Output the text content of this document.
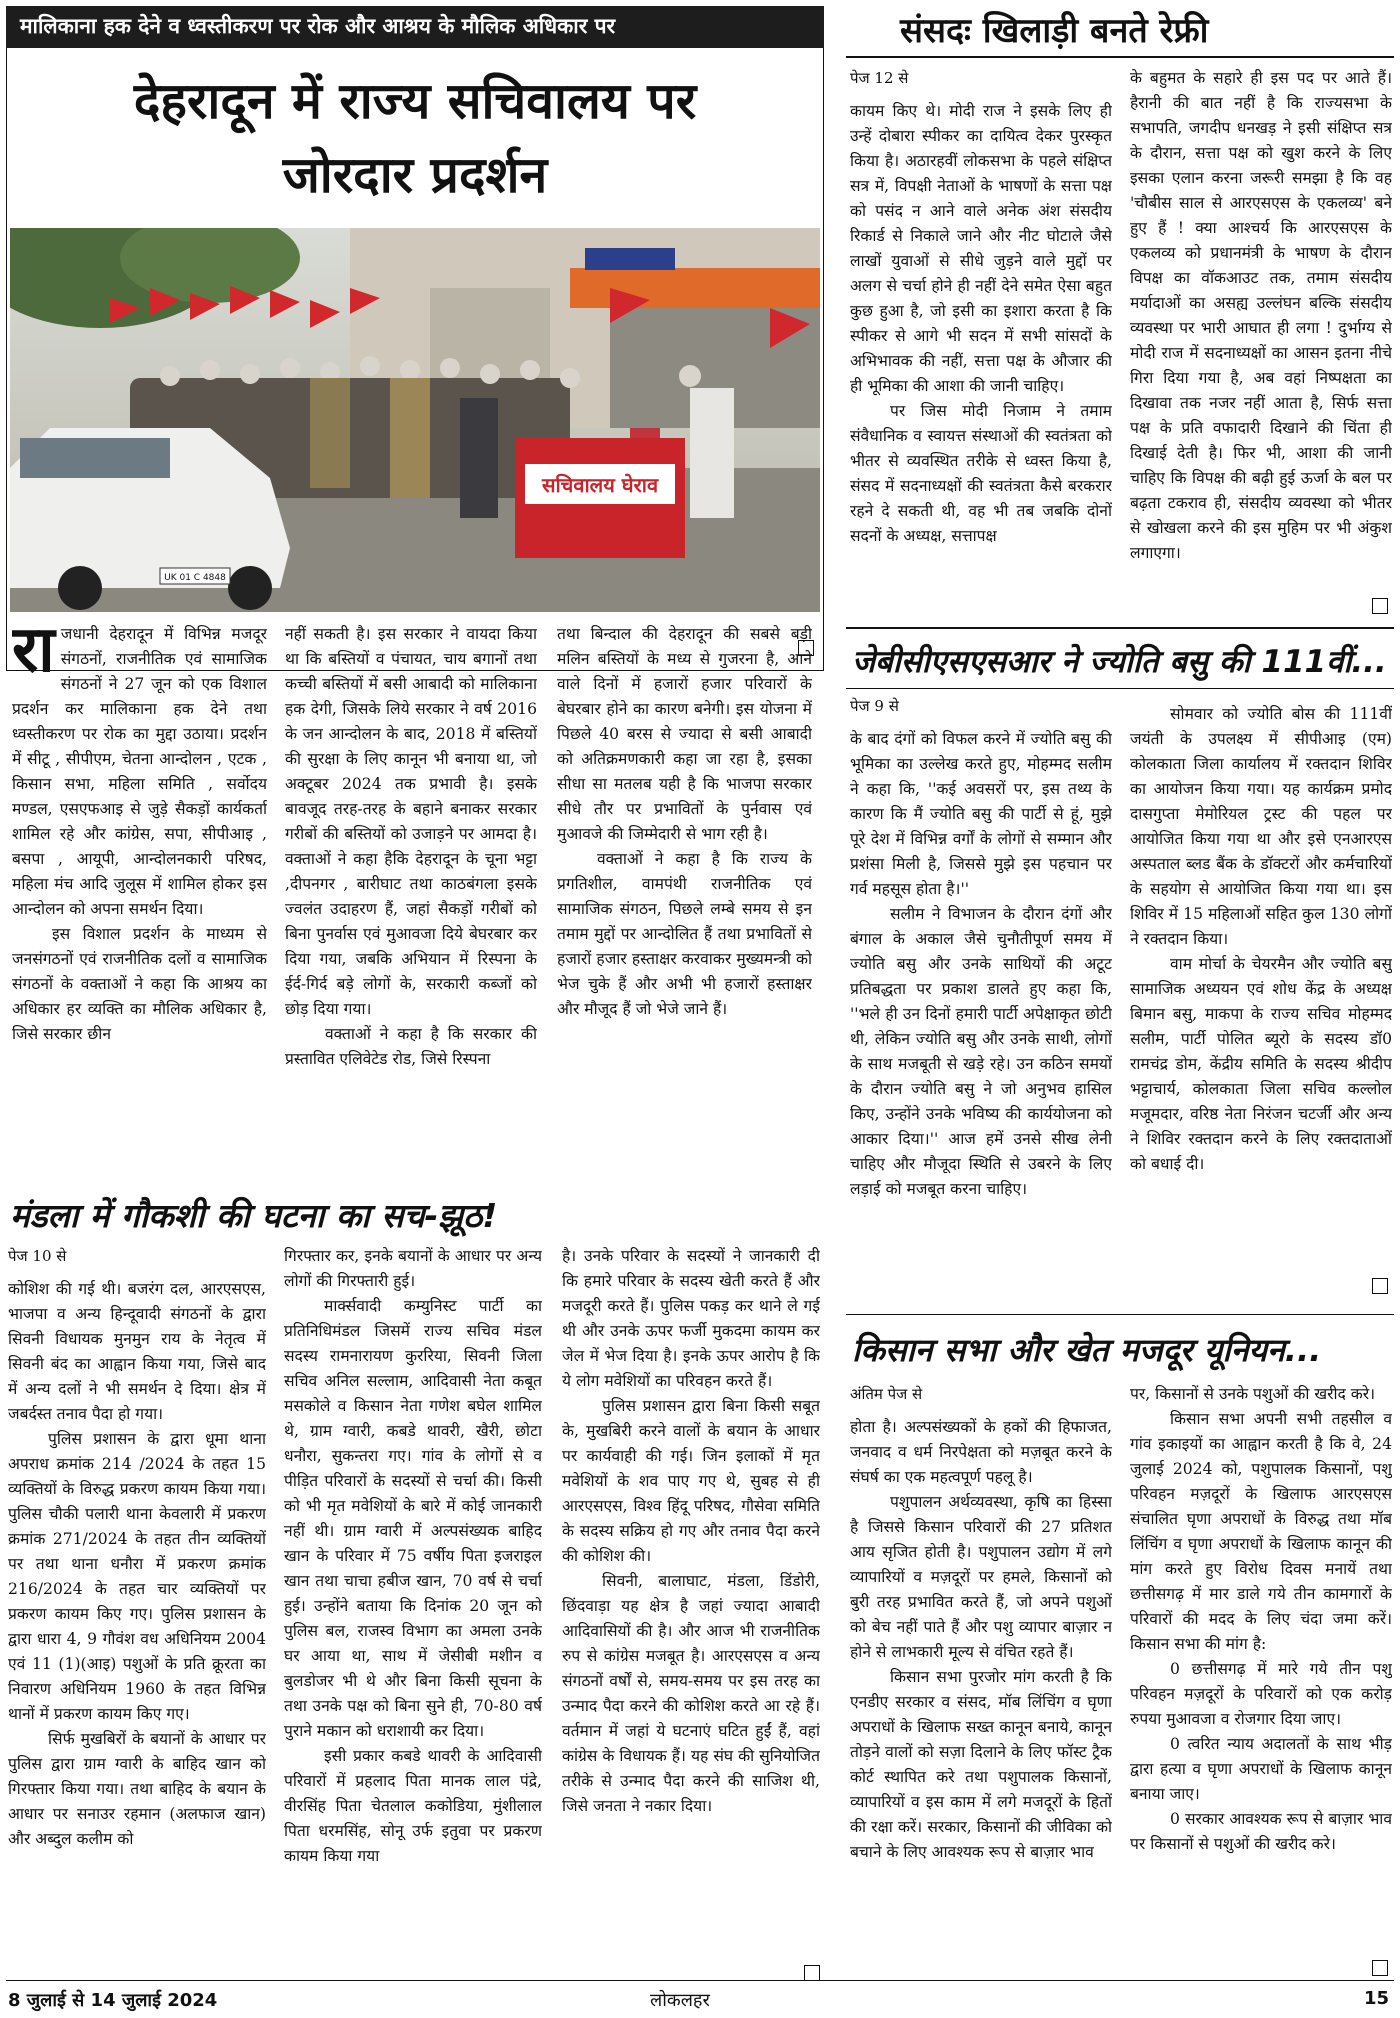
मालिकाना हक देने व ध्वस्तीकरण पर रोक और आश्रय के मौलिक अधिकार पर
देहरादून में राज्य सचिवालय पर
जोरदार प्रदर्शन
सचिवालय घेराव
UK 01 C 4848

राजधानी देहरादून में विभिन्न मजदूर संगठनों, राजनीतिक एवं सामाजिक संगठनों ने 27 जून को एक विशाल प्रदर्शन कर मालिकाना हक देने तथा ध्वस्तीकरण पर रोक का मुद्दा उठाया। प्रदर्शन में सीटू , सीपीएम, चेतना आन्दोलन , एटक , किसान सभा, महिला समिति , सर्वोदय मण्डल, एसएफआइ से जुड़े सैकड़ों कार्यकर्ता शामिल रहे और कांग्रेस, सपा, सीपीआइ , बसपा , आयूपी, आन्दोलनकारी परिषद, महिला मंच आदि जुलूस में शामिल होकर इस आन्दोलन को अपना समर्थन दिया।

इस विशाल प्रदर्शन के माध्यम से जनसंगठनों एवं राजनीतिक दलों व सामाजिक संगठनों के वक्ताओं ने कहा कि आश्रय का अधिकार हर व्यक्ति का मौलिक अधिकार है, जिसे सरकार छीन

नहीं सकती है। इस सरकार ने वायदा किया था कि बस्तियों व पंचायत, चाय बगानों तथा कच्ची बस्तियों में बसी आबादी को मालिकाना हक देगी, जिसके लिये सरकार ने वर्ष 2016 के जन आन्दोलन के बाद, 2018 में बस्तियों की सुरक्षा के लिए कानून भी बनाया था, जो अक्टूबर 2024 तक प्रभावी है। इसके बावजूद तरह-तरह के बहाने बनाकर सरकार गरीबों की बस्तियों को उजाड़ने पर आमदा है। वक्ताओं ने कहा हैकि देहरादून के चूना भट्टा ,दीपनगर , बारीघाट तथा काठबंगला इसके ज्वलंत उदाहरण हैं, जहां सैकड़ों गरीबों को बिना पुनर्वास एवं मुआवजा दिये बेघरबार कर दिया गया, जबकि अभियान में रिस्पना के ईर्द-गिर्द बड़े लोगों के, सरकारी कब्जों को छोड़ दिया गया।

वक्ताओं ने कहा है कि सरकार की प्रस्तावित एलिवेटेड रोड, जिसे रिस्पना

तथा बिन्दाल की देहरादून की सबसे बड़ी मलिन बस्तियों के मध्य से गुजरना है, आने वाले दिनों में हजारों हजार परिवारों के बेघरबार होने का कारण बनेगी। इस योजना में पिछले 40 बरस से ज्यादा से बसी आबादी को अतिक्रमणकारी कहा जा रहा है, इसका सीधा सा मतलब यही है कि भाजपा सरकार सीधे तौर पर प्रभावितों के पुर्नवास एवं मुआवजे की जिम्मेदारी से भाग रही है।

वक्ताओं ने कहा है कि राज्य के प्रगतिशील, वामपंथी राजनीतिक एवं सामाजिक संगठन, पिछले लम्बे समय से इन तमाम मुद्दों पर आन्दोलित हैं तथा प्रभावितों से हजारों हजार हस्ताक्षर करवाकर मुख्यमन्त्री को भेज चुके हैं और अभी भी हजारों हस्ताक्षर और मौजूद हैं जो भेजे जाने हैं।

संसदः खिलाड़ी बनते रेफ्री
पेज 12 से

कायम किए थे। मोदी राज ने इसके लिए ही उन्हें दोबारा स्पीकर का दायित्व देकर पुरस्कृत किया है। अठारहवीं लोकसभा के पहले संक्षिप्त सत्र में, विपक्षी नेताओं के भाषणों के सत्ता पक्ष को पसंद न आने वाले अनेक अंश संसदीय रिकार्ड से निकाले जाने और नीट घोटाले जैसे लाखों युवाओं से सीधे जुड़ने वाले मुद्दों पर अलग से चर्चा होने ही नहीं देने समेत ऐसा बहुत कुछ हुआ है, जो इसी का इशारा करता है कि स्पीकर से आगे भी सदन में सभी सांसदों के अभिभावक की नहीं, सत्ता पक्ष के औजार की ही भूमिका की आशा की जानी चाहिए।

पर जिस मोदी निजाम ने तमाम संवैधानिक व स्वायत्त संस्थाओं की स्वतंत्रता को भीतर से व्यवस्थित तरीके से ध्वस्त किया है, संसद में सदनाध्यक्षों की स्वतंत्रता कैसे बरकरार रहने दे सकती थी, वह भी तब जबकि दोनों सदनों के अध्यक्ष, सत्तापक्ष

के बहुमत के सहारे ही इस पद पर आते हैं। हैरानी की बात नहीं है कि राज्यसभा के सभापति, जगदीप धनखड़ ने इसी संक्षिप्त सत्र के दौरान, सत्ता पक्ष को खुश करने के लिए इसका एलान करना जरूरी समझा है कि वह 'चौबीस साल से आरएसएस के एकलव्य' बने हुए हैं ! क्या आश्चर्य कि आरएसएस के एकलव्य को प्रधानमंत्री के भाषण के दौरान विपक्ष का वॉकआउट तक, तमाम संसदीय मर्यादाओं का असह्य उल्लंघन बल्कि संसदीय व्यवस्था पर भारी आघात ही लगा ! दुर्भाग्य से मोदी राज में सदनाध्यक्षों का आसन इतना नीचे गिरा दिया गया है, अब वहां निष्पक्षता का दिखावा तक नजर नहीं आता है, सिर्फ सत्ता पक्ष के प्रति वफादारी दिखाने की चिंता ही दिखाई देती है। फिर भी, आशा की जानी चाहिए कि विपक्ष की बढ़ी हुई ऊर्जा के बल पर बढ़ता टकराव ही, संसदीय व्यवस्था को भीतर से खोखला करने की इस मुहिम पर भी अंकुश लगाएगा।

जेबीसीएसएसआर ने ज्योति बसु की 111वीं...
पेज 9 से

के बाद दंगों को विफल करने में ज्योति बसु की भूमिका का उल्लेख करते हुए, मोहम्मद सलीम ने कहा कि, ''कई अवसरों पर, इस तथ्य के कारण कि मैं ज्योति बसु की पार्टी से हूं, मुझे पूरे देश में विभिन्न वर्गों के लोगों से सम्मान और प्रशंसा मिली है, जिससे मुझे इस पहचान पर गर्व महसूस होता है।''

सलीम ने विभाजन के दौरान दंगों और बंगाल के अकाल जैसे चुनौतीपूर्ण समय में ज्योति बसु और उनके साथियों की अटूट प्रतिबद्धता पर प्रकाश डालते हुए कहा कि, ''भले ही उन दिनों हमारी पार्टी अपेक्षाकृत छोटी थी, लेकिन ज्योति बसु और उनके साथी, लोगों के साथ मजबूती से खड़े रहे। उन कठिन समयों के दौरान ज्योति बसु ने जो अनुभव हासिल किए, उन्होंने उनके भविष्य की कार्ययोजना को आकार दिया।'' आज हमें उनसे सीख लेनी चाहिए और मौजूदा स्थिति से उबरने के लिए लड़ाई को मजबूत करना चाहिए।

सोमवार को ज्योति बोस की 111वीं जयंती के उपलक्ष्य में सीपीआइ (एम) कोलकाता जिला कार्यालय में रक्तदान शिविर का आयोजन किया गया। यह कार्यक्रम प्रमोद दासगुप्ता मेमोरियल ट्रस्ट की पहल पर आयोजित किया गया था और इसे एनआरएस अस्पताल ब्लड बैंक के डॉक्टरों और कर्मचारियों के सहयोग से आयोजित किया गया था। इस शिविर में 15 महिलाओं सहित कुल 130 लोगों ने रक्तदान किया।

वाम मोर्चा के चेयरमैन और ज्योति बसु सामाजिक अध्ययन एवं शोध केंद्र के अध्यक्ष बिमान बसु, माकपा के राज्य सचिव मोहम्मद सलीम, पार्टी पोलित ब्यूरो के सदस्य डॉ0 रामचंद्र डोम, केंद्रीय समिति के सदस्य श्रीदीप भट्टाचार्य, कोलकाता जिला सचिव कल्लोल मजूमदार, वरिष्ठ नेता निरंजन चटर्जी और अन्य ने शिविर रक्तदान करने के लिए रक्तदाताओं को बधाई दी।

मंडला में गौकशी की घटना का सच-झूठ!
पेज 10 से

कोशिश की गई थी। बजरंग दल, आरएसएस, भाजपा व अन्य हिन्दूवादी संगठनों के द्वारा सिवनी विधायक मुनमुन राय के नेतृत्व में सिवनी बंद का आह्वान किया गया, जिसे बाद में अन्य दलों ने भी समर्थन दे दिया। क्षेत्र में जबर्दस्त तनाव पैदा हो गया।

पुलिस प्रशासन के द्वारा धूमा थाना अपराध क्रमांक 214 /2024 के तहत 15 व्यक्तियों के विरुद्ध प्रकरण कायम किया गया। पुलिस चौकी पलारी थाना केवलारी में प्रकरण क्रमांक 271/2024 के तहत तीन व्यक्तियों पर तथा थाना धनौरा में प्रकरण क्रमांक 216/2024 के तहत चार व्यक्तियों पर प्रकरण कायम किए गए। पुलिस प्रशासन के द्वारा धारा 4, 9 गौवंश वध अधिनियम 2004 एवं 11 (1)(आइ) पशुओं के प्रति क्रूरता का निवारण अधिनियम 1960 के तहत विभिन्न थानों में प्रकरण कायम किए गए।

सिर्फ मुखबिरों के बयानों के आधार पर पुलिस द्वारा ग्राम ग्वारी के बाहिद खान को गिरफ्तार किया गया। तथा बाहिद के बयान के आधार पर सनाउर रहमान (अलफाज खान) और अब्दुल कलीम को

गिरफ्तार कर, इनके बयानों के आधार पर अन्य लोगों की गिरफ्तारी हुई।

मार्क्सवादी कम्युनिस्ट पार्टी का प्रतिनिधिमंडल जिसमें राज्य सचिव मंडल सदस्य रामनारायण कुररिया, सिवनी जिला सचिव अनिल सल्लाम, आदिवासी नेता कबूत मसकोले व किसान नेता गणेश बघेल शामिल थे, ग्राम ग्वारी, कबडे थावरी, खैरी, छोटा धनौरा, सुकन्तरा गए। गांव के लोगों से व पीड़ित परिवारों के सदस्यों से चर्चा की। किसी को भी मृत मवेशियों के बारे में कोई जानकारी नहीं थी। ग्राम ग्वारी में अल्पसंख्यक बाहिद खान के परिवार में 75 वर्षीय पिता इजराइल खान तथा चाचा हबीज खान, 70 वर्ष से चर्चा हुई। उन्होंने बताया कि दिनांक 20 जून को पुलिस बल, राजस्व विभाग का अमला उनके घर आया था, साथ में जेसीबी मशीन व बुलडोजर भी थे और बिना किसी सूचना के तथा उनके पक्ष को बिना सुने ही, 70-80 वर्ष पुराने मकान को धराशायी कर दिया।

इसी प्रकार कबडे थावरी के आदिवासी परिवारों में प्रहलाद पिता मानक लाल पंद्रे, वीरसिंह पिता चेतलाल ककोडिया, मुंशीलाल पिता धरमसिंह, सोनू उर्फ इतुवा पर प्रकरण कायम किया गया

है। उनके परिवार के सदस्यों ने जानकारी दी कि हमारे परिवार के सदस्य खेती करते हैं और मजदूरी करते हैं। पुलिस पकड़ कर थाने ले गई थी और उनके ऊपर फर्जी मुकदमा कायम कर जेल में भेज दिया है। इनके ऊपर आरोप है कि ये लोग मवेशियों का परिवहन करते हैं।

पुलिस प्रशासन द्वारा बिना किसी सबूत के, मुखबिरी करने वालों के बयान के आधार पर कार्यवाही की गई। जिन इलाकों में मृत मवेशियों के शव पाए गए थे, सुबह से ही आरएसएस, विश्व हिंदू परिषद, गौसेवा समिति के सदस्य सक्रिय हो गए और तनाव पैदा करने की कोशिश की।

सिवनी, बालाघाट, मंडला, डिंडोरी, छिंदवाड़ा यह क्षेत्र है जहां ज्यादा आबादी आदिवासियों की है। और आज भी राजनीतिक रुप से कांग्रेस मजबूत है। आरएसएस व अन्य संगठनों वर्षों से, समय-समय पर इस तरह का उन्माद पैदा करने की कोशिश करते आ रहे हैं। वर्तमान में जहां ये घटनाएं घटित हुईं हैं, वहां कांग्रेस के विधायक हैं। यह संघ की सुनियोजित तरीके से उन्माद पैदा करने की साजिश थी, जिसे जनता ने नकार दिया।

किसान सभा और खेत मजदूर यूनियन...
अंतिम पेज से

होता है। अल्पसंख्यकों के हकों की हिफाजत, जनवाद व धर्म निरपेक्षता को मज़बूत करने के संघर्ष का एक महत्वपूर्ण पहलू है।

पशुपालन अर्थव्यवस्था, कृषि का हिस्सा है जिससे किसान परिवारों की 27 प्रतिशत आय सृजित होती है। पशुपालन उद्योग में लगे व्यापारियों व मज़दूरों पर हमले, किसानों को बुरी तरह प्रभावित करते हैं, जो अपने पशुओं को बेच नहीं पाते हैं और पशु व्यापार बाज़ार न होने से लाभकारी मूल्य से वंचित रहते हैं।

किसान सभा पुरजोर मांग करती है कि एनडीए सरकार व संसद, मॉब लिंचिंग व घृणा अपराधों के खिलाफ सख्त कानून बनाये, कानून तोड़ने वालों को सज़ा दिलाने के लिए फॉस्ट ट्रैक कोर्ट स्थापित करे तथा पशुपालक किसानों, व्यापारियों व इस काम में लगे मजदूरों के हितों की रक्षा करें। सरकार, किसानों की जीविका को बचाने के लिए आवश्यक रूप से बाज़ार भाव

पर, किसानों से उनके पशुओं की खरीद करे।

किसान सभा अपनी सभी तहसील व गांव इकाइयों का आह्वान करती है कि वे, 24 जुलाई 2024 को, पशुपालक किसानों, पशु परिवहन मज़दूरों के खिलाफ आरएसएस संचालित घृणा अपराधों के विरुद्ध तथा मॉब लिंचिंग व घृणा अपराधों के खिलाफ कानून की मांग करते हुए विरोध दिवस मनायें तथा छत्तीसगढ़ में मार डाले गये तीन कामगारों के परिवारों की मदद के लिए चंदा जमा करें। किसान सभा की मांग है:

0 छत्तीसगढ़ में मारे गये तीन पशु परिवहन मज़दूरों के परिवारों को एक करोड़ रुपया मुआवजा व रोजगार दिया जाए।

0 त्वरित न्याय अदालतों के साथ भीड़ द्वारा हत्या व घृणा अपराधों के खिलाफ कानून बनाया जाए।

0 सरकार आवश्यक रूप से बाज़ार भाव पर किसानों से पशुओं की खरीद करे।

8 जुलाई से 14 जुलाई 2024	लोकलहर	15
